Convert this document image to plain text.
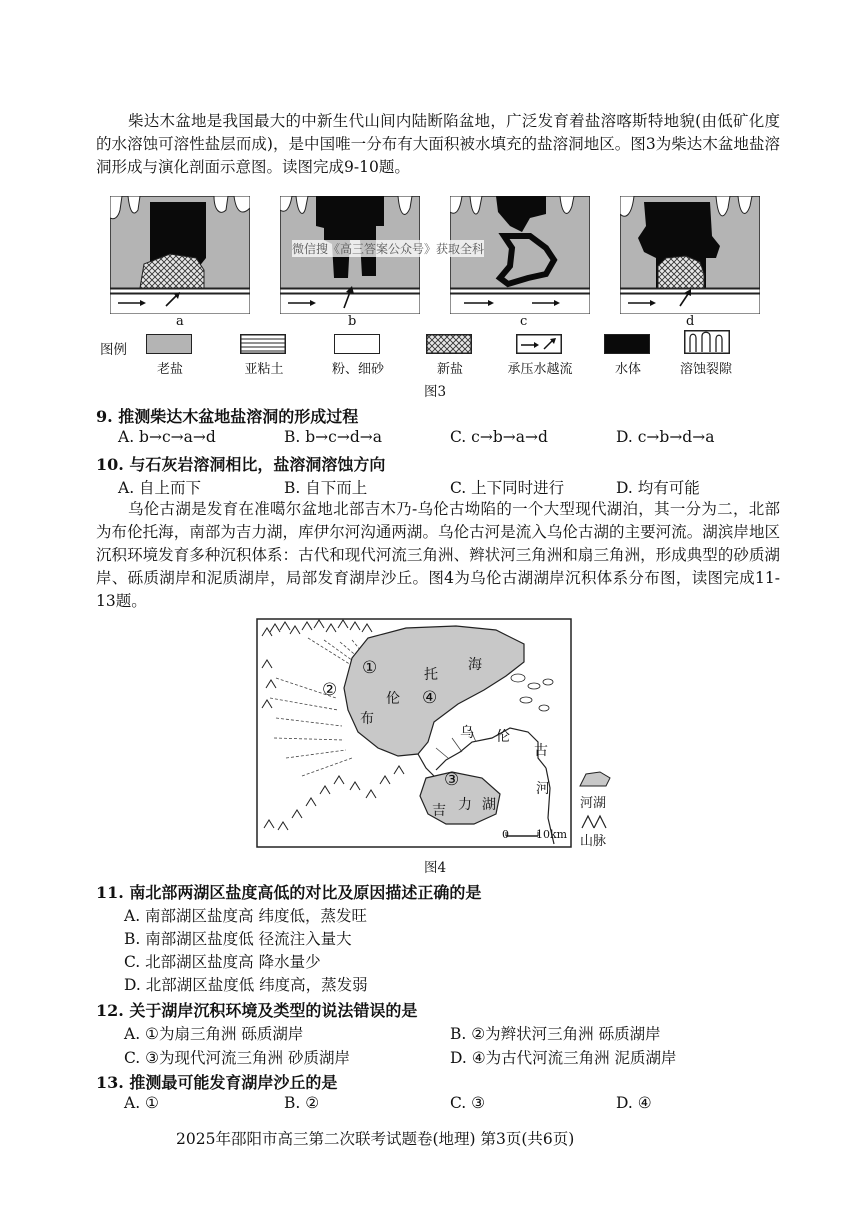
柴达木盆地是我国最大的中新生代山间内陆断陷盆地，广泛发育着盐溶喀斯特地貌(由低矿化度的水溶蚀可溶性盐层而成)，是中国唯一分布有大面积被水填充的盐溶洞地区。图3为柴达木盆地盐溶洞形成与演化剖面示意图。读图完成9-10题。

a	b	c	d
微信搜《高三答案公众号》获取全科
图例
老盐	亚粘土	粉、细砂	新盐	承压水越流	水体	溶蚀裂隙
图3
9. 推测柴达木盆地盐溶洞的形成过程
A. b→c→a→d	B. b→c→d→a	C. c→b→a→d	D. c→b→d→a
10. 与石灰岩溶洞相比，盐溶洞溶蚀方向
A. 自上而下	B. 自下而上	C. 上下同时进行	D. 均有可能

乌伦古湖是发育在准噶尔盆地北部吉木乃-乌伦古坳陷的一个大型现代湖泊，其一分为二，北部为布伦托海，南部为吉力湖，库伊尔河沟通两湖。乌伦古河是流入乌伦古湖的主要河流。湖滨岸地区沉积环境发育多种沉积体系：古代和现代河流三角洲、辫状河三角洲和扇三角洲，形成典型的砂质湖岸、砾质湖岸和泥质湖岸，局部发育湖岸沙丘。图4为乌伦古湖湖岸沉积体系分布图，读图完成11-13题。

布
伦
托
海
吉 力 湖
乌 伦
古
河
①
②
③
④
0 10km
河湖
山脉
图4
11. 南北部两湖区盐度高低的对比及原因描述正确的是
A. 南部湖区盐度高 纬度低，蒸发旺
B. 南部湖区盐度低 径流注入量大
C. 北部湖区盐度高 降水量少
D. 北部湖区盐度低 纬度高，蒸发弱
12. 关于湖岸沉积环境及类型的说法错误的是
A. ①为扇三角洲 砾质湖岸	B. ②为辫状河三角洲 砾质湖岸
C. ③为现代河流三角洲 砂质湖岸	D. ④为古代河流三角洲 泥质湖岸
13. 推测最可能发育湖岸沙丘的是
A. ①	B. ②	C. ③	D. ④
2025年邵阳市高三第二次联考试题卷(地理) 第3页(共6页)
